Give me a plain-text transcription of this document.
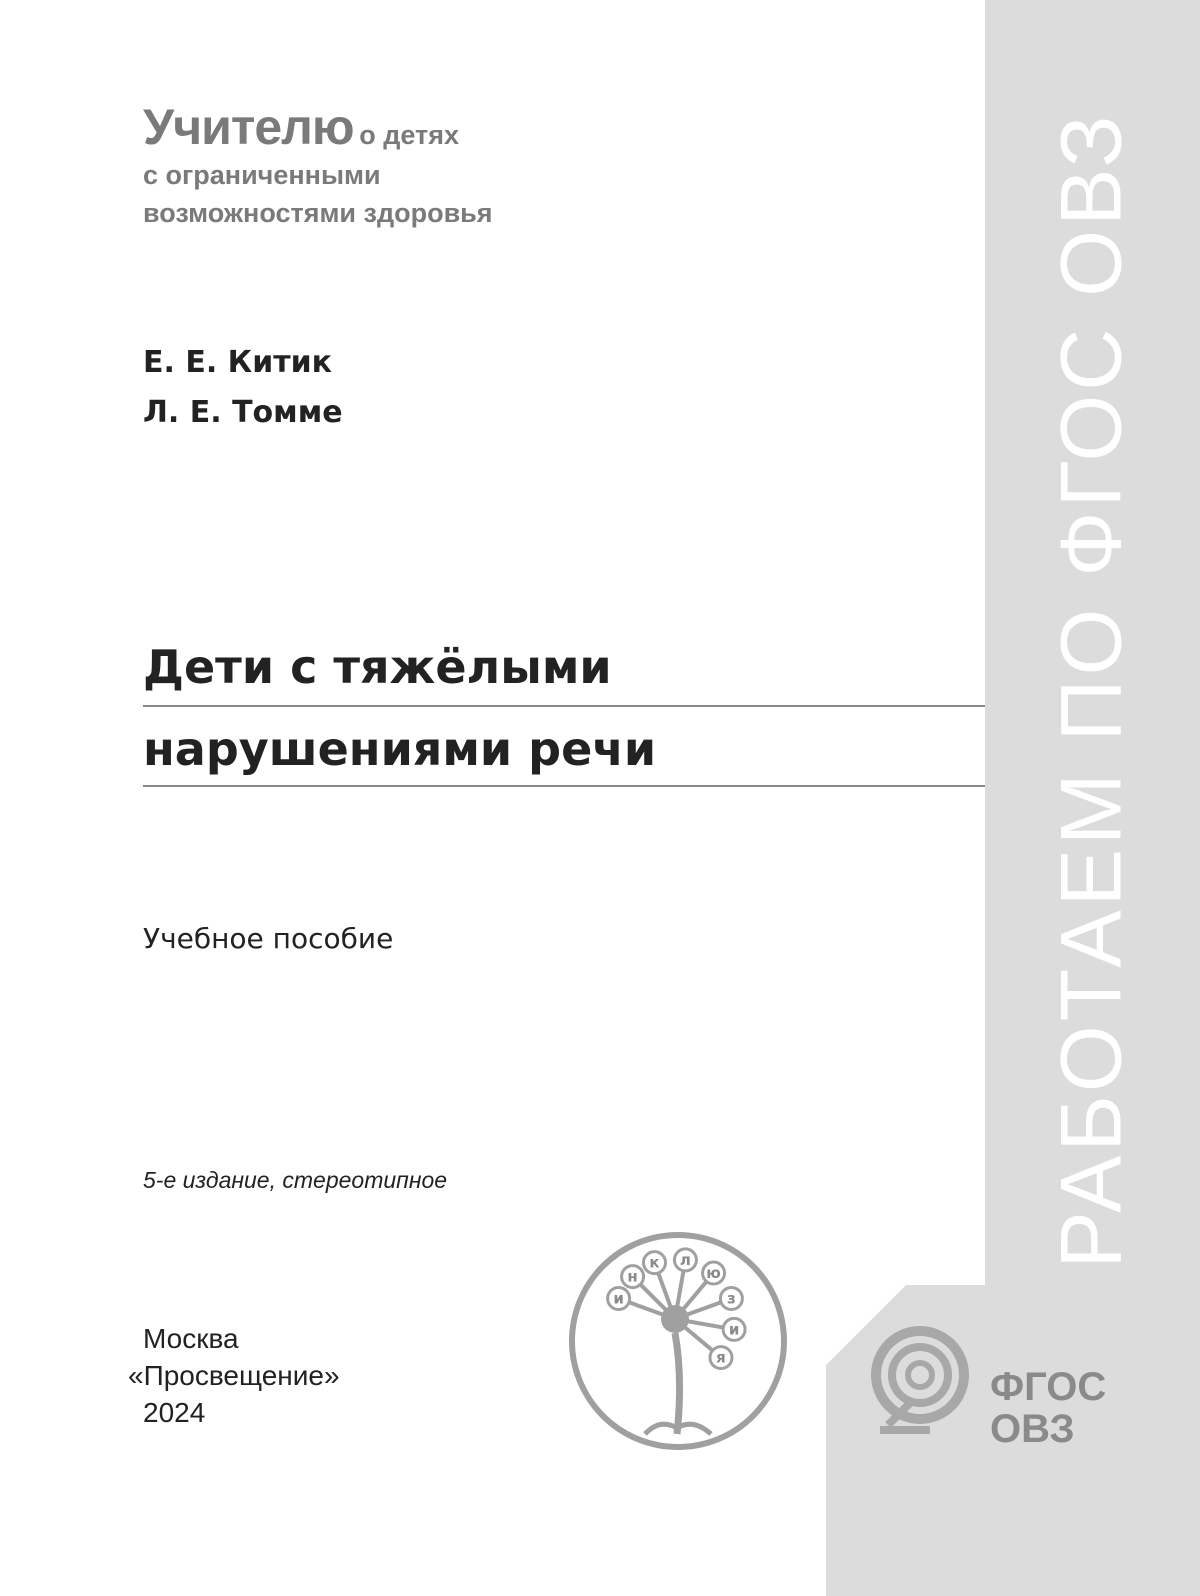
РАБОТАЕМ ПО ФГОС ОВЗ
Учителю о детях
с ограниченными
возможностями здоровья
Е. Е. Китик
Л. Е. Томме
Дети с тяжёлыми
нарушениями речи
Учебное пособие
5-е издание, стереотипное
Москва
«Просвещение»
2024
и
н
к л
ю
з
и
я
ФГОС
ОВЗ
